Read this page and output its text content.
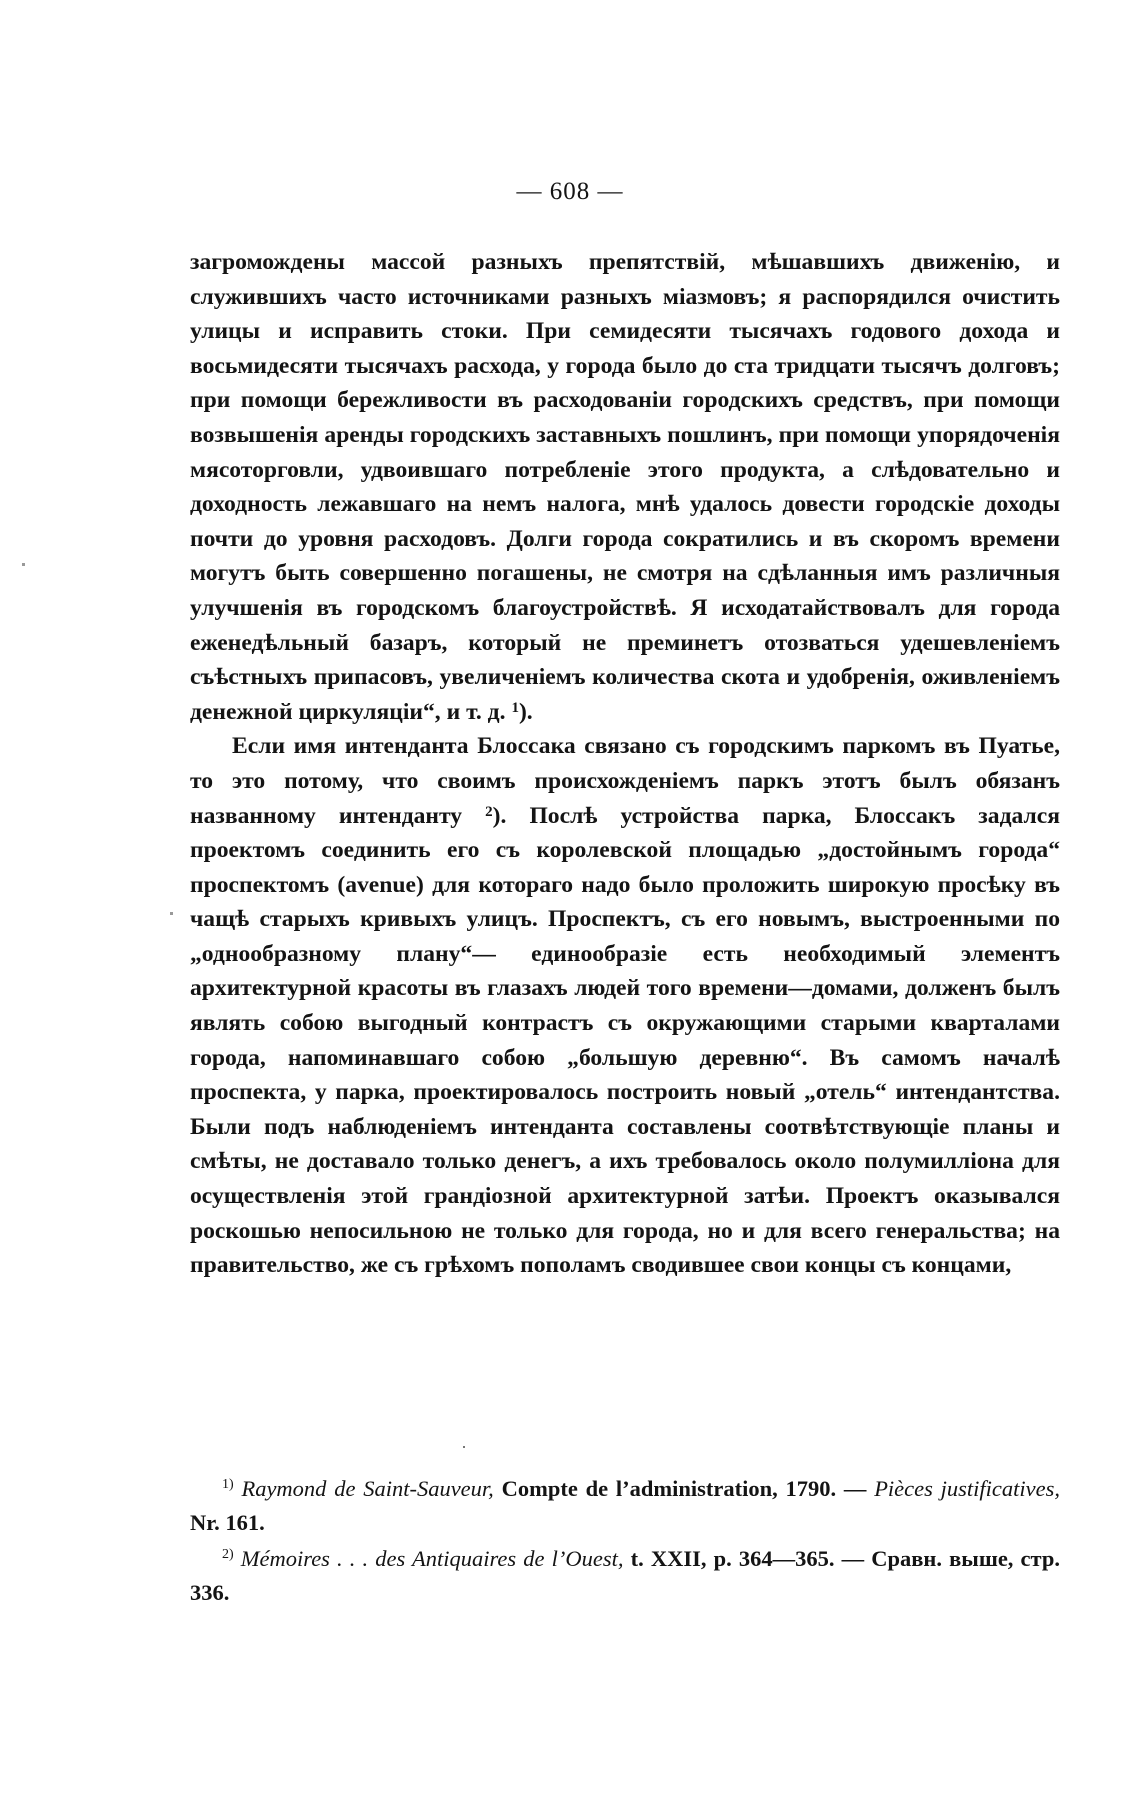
— 608 —

загромождены массой разныхъ препятствій, мѣшавшихъ движенію, и служившихъ часто источниками разныхъ міазмовъ; я распорядился очистить улицы и исправить стоки. При семидесяти тысячахъ годового дохода и восьмидесяти тысячахъ расхода, у города было до ста тридцати тысячъ долговъ; при помощи бережливости въ расходованіи городскихъ средствъ, при помощи возвышенія аренды городскихъ заставныхъ пошлинъ, при помощи упорядоченія мясоторговли, удвоившаго потребленіе этого продукта, а слѣдовательно и доходность лежавшаго на немъ налога, мнѣ удалось довести городскіе доходы почти до уровня расходовъ. Долги города сократились и въ скоромъ времени могутъ быть совершенно погашены, не смотря на сдѣланныя имъ различныя улучшенія въ городскомъ благоустройствѣ. Я исходатайствовалъ для города еженедѣльный базаръ, который не преминетъ отозваться удешевленіемъ съѣстныхъ припасовъ, увеличеніемъ количества скота и удобренія, оживленіемъ денежной циркуляціи“, и т. д. $^1$).

Если имя интенданта Блоссака связано съ городскимъ паркомъ въ Пуатье, то это потому, что своимъ происхожденіемъ паркъ этотъ былъ обязанъ названному интенданту $^2$). Послѣ устройства парка, Блоссакъ задался проектомъ соединить его съ королевской площадью „достойнымъ города“ проспектомъ (avenue) для котораго надо было проложить широкую просѣку въ чащѣ старыхъ кривыхъ улицъ. Проспектъ, съ его новымъ, выстроенными по „однообразному плану“— единообразіе есть необходимый элементъ архитектурной красоты въ глазахъ людей того времени—домами, долженъ былъ являть собою выгодный контрастъ съ окружающими старыми кварталами города, напоминавшаго собою „большую деревню“. Въ самомъ началѣ проспекта, у парка, проектировалось построить новый „отель“ интендантства. Были подъ наблюденіемъ интенданта составлены соотвѣтствующіе планы и смѣты, не доставало только денегъ, а ихъ требовалось около полумилліона для осуществленія этой грандіозной архитектурной затѣи. Проектъ оказывался роскошью непосильною не только для города, но и для всего генеральства; на правительство, же съ грѣхомъ пополамъ сводившее свои концы съ концами,

$^{1)}$ Raymond de Saint-Sauveur, Compte de l’administration, 1790. — Pièces justificatives, Nr. 161.

$^{2)}$ Mémoires . . . des Antiquaires de l’Ouest, t. XXII, p. 364—365. — Сравн. выше, стр. 336.
